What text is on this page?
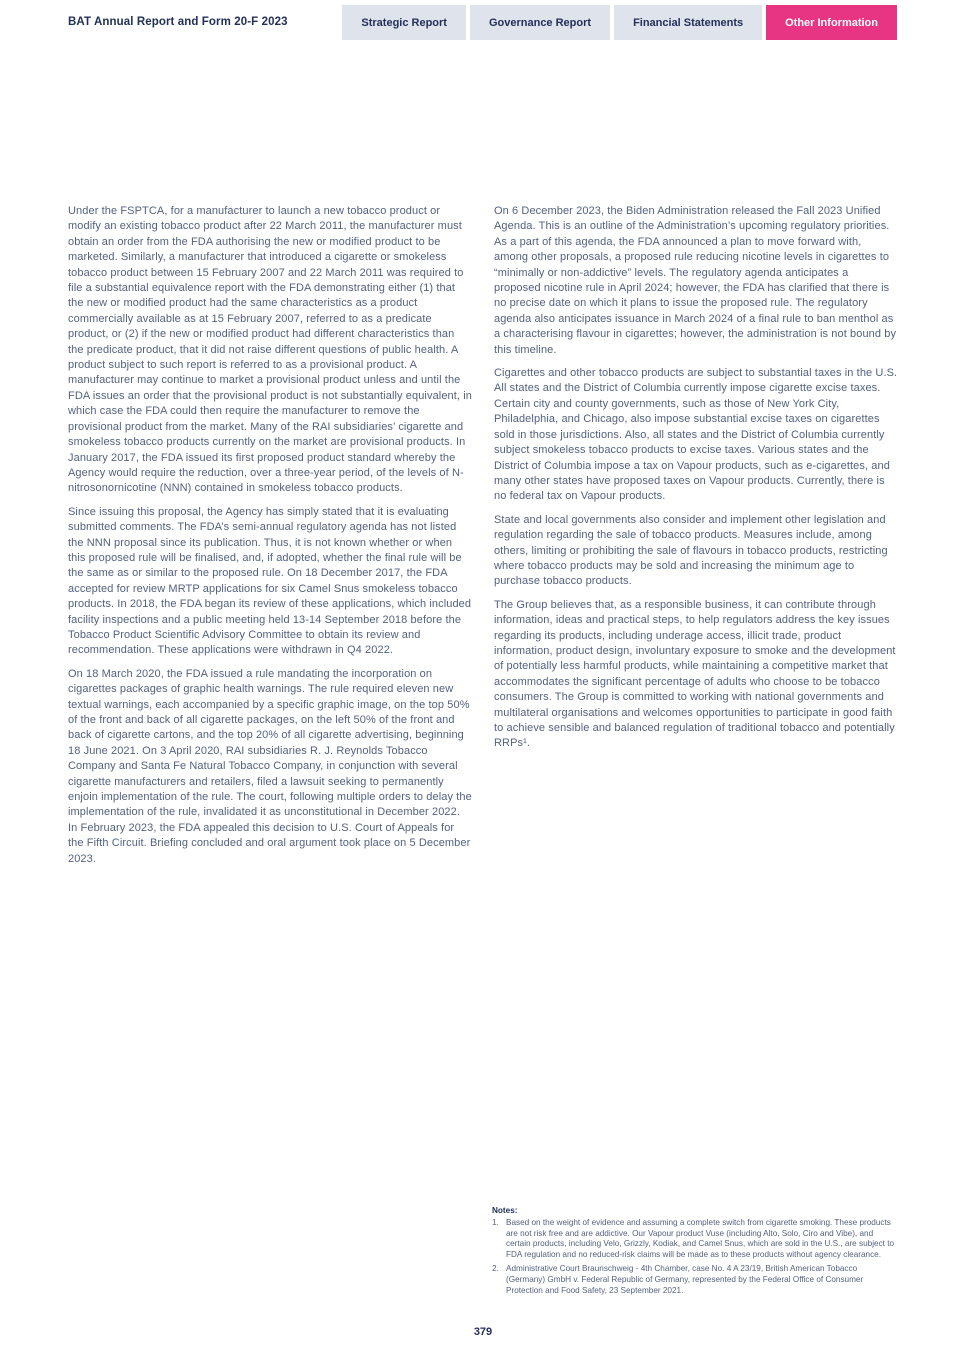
BAT Annual Report and Form 20-F 2023	Strategic Report	Governance Report	Financial Statements	Other Information

Under the FSPTCA, for a manufacturer to launch a new tobacco product or modify an existing tobacco product after 22 March 2011, the manufacturer must obtain an order from the FDA authorising the new or modified product to be marketed. Similarly, a manufacturer that introduced a cigarette or smokeless tobacco product between 15 February 2007 and 22 March 2011 was required to file a substantial equivalence report with the FDA demonstrating either (1) that the new or modified product had the same characteristics as a product commercially available as at 15 February 2007, referred to as a predicate product, or (2) if the new or modified product had different characteristics than the predicate product, that it did not raise different questions of public health. A product subject to such report is referred to as a provisional product. A manufacturer may continue to market a provisional product unless and until the FDA issues an order that the provisional product is not substantially equivalent, in which case the FDA could then require the manufacturer to remove the provisional product from the market. Many of the RAI subsidiaries’ cigarette and smokeless tobacco products currently on the market are provisional products. In January 2017, the FDA issued its first proposed product standard whereby the Agency would require the reduction, over a three-year period, of the levels of N-nitrosonornicotine (NNN) contained in smokeless tobacco products.

Since issuing this proposal, the Agency has simply stated that it is evaluating submitted comments. The FDA’s semi-annual regulatory agenda has not listed the NNN proposal since its publication. Thus, it is not known whether or when this proposed rule will be finalised, and, if adopted, whether the final rule will be the same as or similar to the proposed rule. On 18 December 2017, the FDA accepted for review MRTP applications for six Camel Snus smokeless tobacco products. In 2018, the FDA began its review of these applications, which included facility inspections and a public meeting held 13-14 September 2018 before the Tobacco Product Scientific Advisory Committee to obtain its review and recommendation. These applications were withdrawn in Q4 2022.

On 18 March 2020, the FDA issued a rule mandating the incorporation on cigarettes packages of graphic health warnings. The rule required eleven new textual warnings, each accompanied by a specific graphic image, on the top 50% of the front and back of all cigarette packages, on the left 50% of the front and back of cigarette cartons, and the top 20% of all cigarette advertising, beginning 18 June 2021. On 3 April 2020, RAI subsidiaries R. J. Reynolds Tobacco Company and Santa Fe Natural Tobacco Company, in conjunction with several cigarette manufacturers and retailers, filed a lawsuit seeking to permanently enjoin implementation of the rule. The court, following multiple orders to delay the implementation of the rule, invalidated it as unconstitutional in December 2022. In February 2023, the FDA appealed this decision to U.S. Court of Appeals for the Fifth Circuit. Briefing concluded and oral argument took place on 5 December 2023.

On 6 December 2023, the Biden Administration released the Fall 2023 Unified Agenda. This is an outline of the Administration’s upcoming regulatory priorities. As a part of this agenda, the FDA announced a plan to move forward with, among other proposals, a proposed rule reducing nicotine levels in cigarettes to “minimally or non-addictive” levels. The regulatory agenda anticipates a proposed nicotine rule in April 2024; however, the FDA has clarified that there is no precise date on which it plans to issue the proposed rule. The regulatory agenda also anticipates issuance in March 2024 of a final rule to ban menthol as a characterising flavour in cigarettes; however, the administration is not bound by this timeline.

Cigarettes and other tobacco products are subject to substantial taxes in the U.S. All states and the District of Columbia currently impose cigarette excise taxes. Certain city and county governments, such as those of New York City, Philadelphia, and Chicago, also impose substantial excise taxes on cigarettes sold in those jurisdictions. Also, all states and the District of Columbia currently subject smokeless tobacco products to excise taxes. Various states and the District of Columbia impose a tax on Vapour products, such as e-cigarettes, and many other states have proposed taxes on Vapour products. Currently, there is no federal tax on Vapour products.

State and local governments also consider and implement other legislation and regulation regarding the sale of tobacco products. Measures include, among others, limiting or prohibiting the sale of flavours in tobacco products, restricting where tobacco products may be sold and increasing the minimum age to purchase tobacco products.

The Group believes that, as a responsible business, it can contribute through information, ideas and practical steps, to help regulators address the key issues regarding its products, including underage access, illicit trade, product information, product design, involuntary exposure to smoke and the development of potentially less harmful products, while maintaining a competitive market that accommodates the significant percentage of adults who choose to be tobacco consumers. The Group is committed to working with national governments and multilateral organisations and welcomes opportunities to participate in good faith to achieve sensible and balanced regulation of traditional tobacco and potentially RRPs¹.

Notes:
1. Based on the weight of evidence and assuming a complete switch from cigarette smoking. These products are not risk free and are addictive. Our Vapour product Vuse (including Alto, Solo, Ciro and Vibe), and certain products, including Velo, Grizzly, Kodiak, and Camel Snus, which are sold in the U.S., are subject to FDA regulation and no reduced-risk claims will be made as to these products without agency clearance.
2. Administrative Court Braunschweig - 4th Chamber, case No. 4 A 23/19, British American Tobacco (Germany) GmbH v. Federal Republic of Germany, represented by the Federal Office of Consumer Protection and Food Safety, 23 September 2021.
379
